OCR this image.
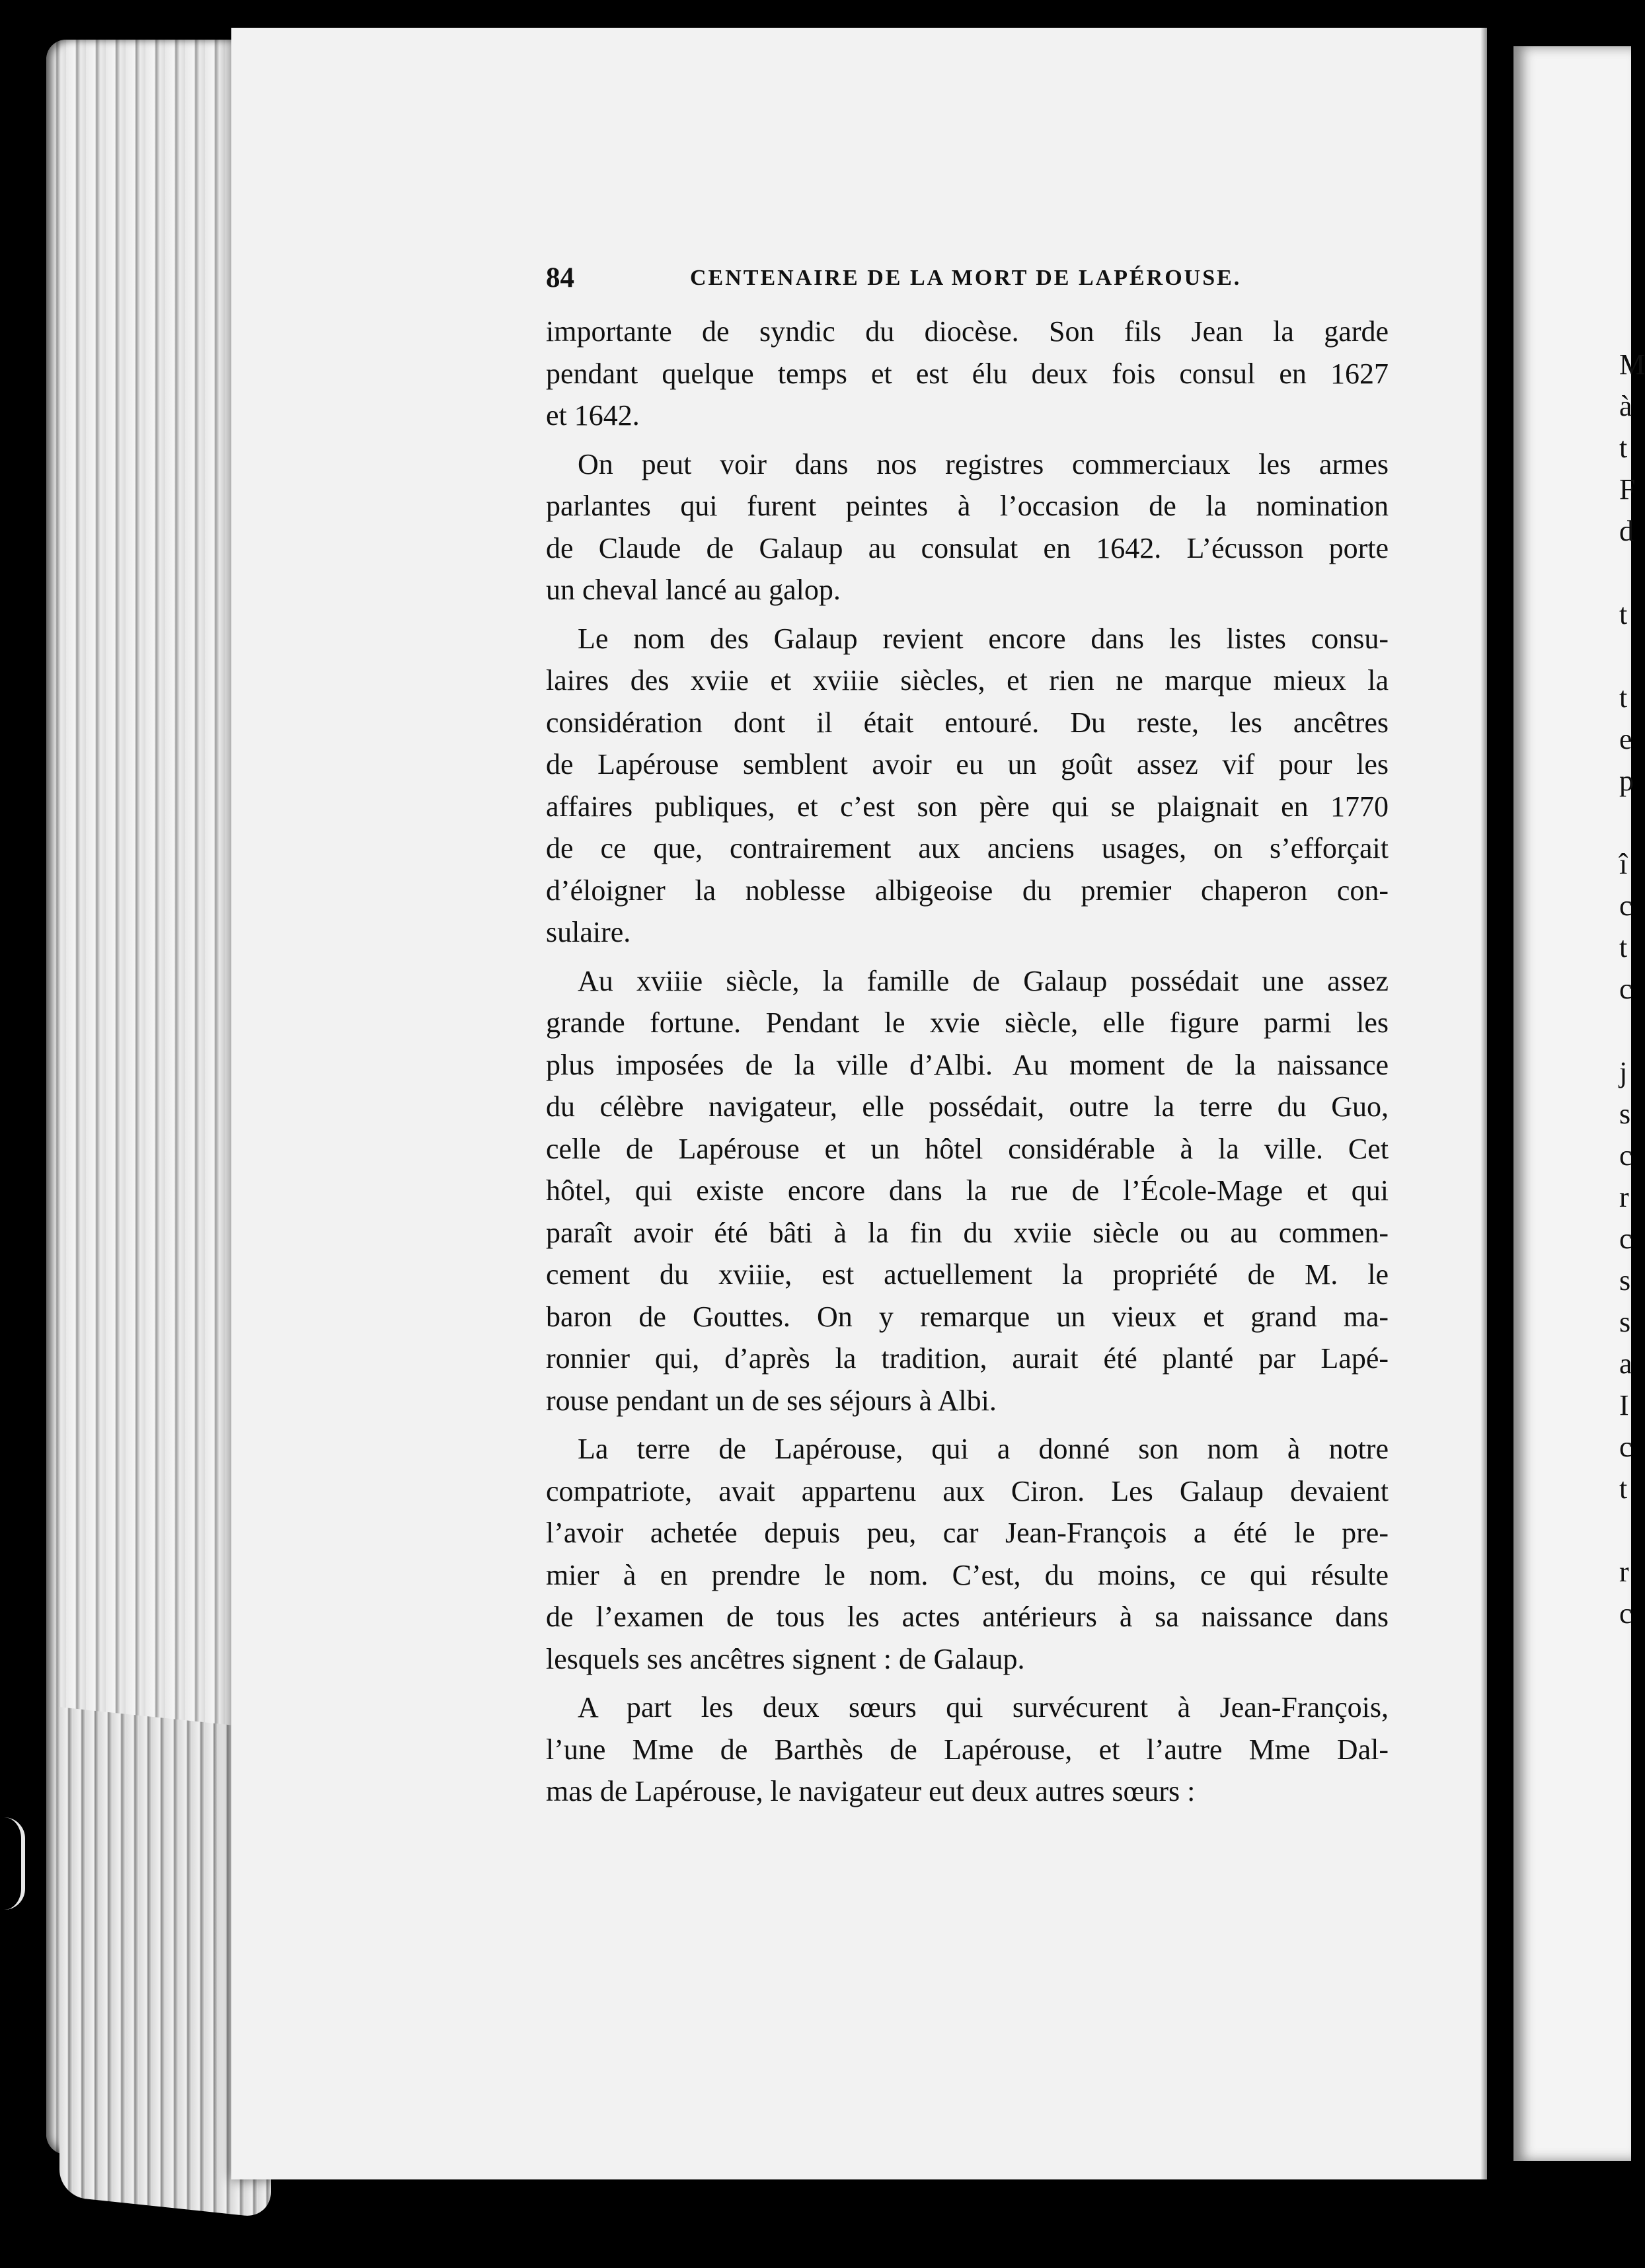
M
à
t
F
d
t
t
e
p
î
c
t
c
j
s
c
r
c
s
s
a
I
c
t
r
c
84	CENTENAIRE DE LA MORT DE LAPÉROUSE.

importante de syndic du diocèse. Son fils Jean la garde
pendant quelque temps et est élu deux fois consul en 1627
et 1642.

On peut voir dans nos registres commerciaux les armes
parlantes qui furent peintes à l’occasion de la nomination
de Claude de Galaup au consulat en 1642. L’écusson porte
un cheval lancé au galop.

Le nom des Galaup revient encore dans les listes consu-
laires des xviie et xviiie siècles, et rien ne marque mieux la
considération dont il était entouré. Du reste, les ancêtres
de Lapérouse semblent avoir eu un goût assez vif pour les
affaires publiques, et c’est son père qui se plaignait en 1770
de ce que, contrairement aux anciens usages, on s’efforçait
d’éloigner la noblesse albigeoise du premier chaperon con-
sulaire.

Au xviiie siècle, la famille de Galaup possédait une assez
grande fortune. Pendant le xvie siècle, elle figure parmi les
plus imposées de la ville d’Albi. Au moment de la naissance
du célèbre navigateur, elle possédait, outre la terre du Guo,
celle de Lapérouse et un hôtel considérable à la ville. Cet
hôtel, qui existe encore dans la rue de l’École-Mage et qui
paraît avoir été bâti à la fin du xviie siècle ou au commen-
cement du xviiie, est actuellement la propriété de M. le
baron de Gouttes. On y remarque un vieux et grand ma-
ronnier qui, d’après la tradition, aurait été planté par Lapé-
rouse pendant un de ses séjours à Albi.

La terre de Lapérouse, qui a donné son nom à notre
compatriote, avait appartenu aux Ciron. Les Galaup devaient
l’avoir achetée depuis peu, car Jean-François a été le pre-
mier à en prendre le nom. C’est, du moins, ce qui résulte
de l’examen de tous les actes antérieurs à sa naissance dans
lesquels ses ancêtres signent : de Galaup.

A part les deux sœurs qui survécurent à Jean-François,
l’une Mme de Barthès de Lapérouse, et l’autre Mme Dal-
mas de Lapérouse, le navigateur eut deux autres sœurs :
